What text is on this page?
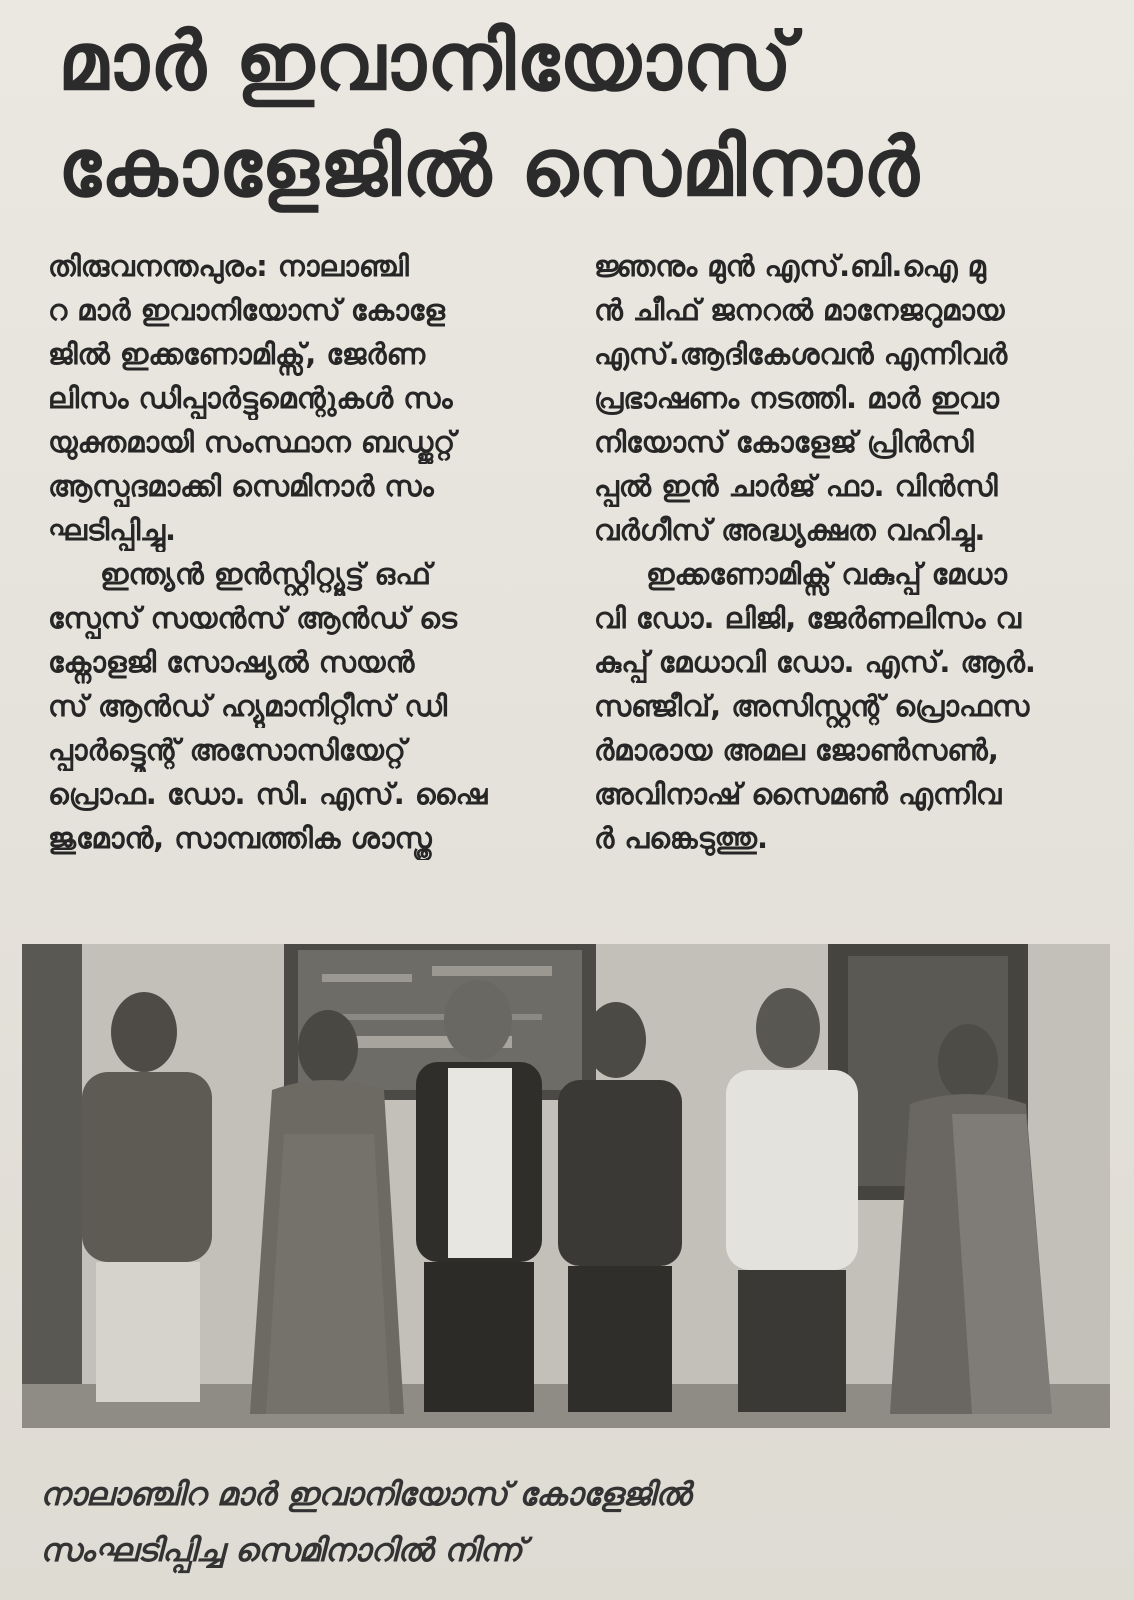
മാർ ഇവാനിയോസ്
കോളേജിൽ സെമിനാർ
തിരുവനന്തപുരം: നാലാഞ്ചി
റ മാർ ഇവാനിയോസ് കോളേ
ജിൽ ഇക്കണോമിക്സ്, ജേർണ
ലിസം ഡിപ്പാർട്ടുമെന്റുകൾ സം
യുക്തമായി സംസ്ഥാന ബഡ്ജറ്റ്
ആസ്പദമാക്കി സെമിനാർ സം
ഘടിപ്പിച്ചു.
ഇന്ത്യൻ ഇൻസ്റ്റിറ്റ്യൂട്ട് ഒഫ്
സ്പേസ് സയൻസ് ആൻഡ് ടെ
ക്നോളജി സോഷ്യൽ സയൻ
സ് ആൻഡ് ഹ്യുമാനിറ്റീസ് ഡി
പ്പാർട്ട്മെന്റ് അസോസിയേറ്റ്
പ്രൊഫ. ഡോ. സി. എസ്. ഷൈ
ജുമോൻ, സാമ്പത്തിക ശാസ്ത്ര
ജ്ഞനും മുൻ എസ്.ബി.ഐ മു
ൻ ചീഫ് ജനറൽ മാനേജറുമായ
എസ്.ആദികേശവൻ എന്നിവർ
പ്രഭാഷണം നടത്തി. മാർ ഇവാ
നിയോസ് കോളേജ് പ്രിൻസി
പ്പൽ ഇൻ ചാർജ് ഫാ. വിൻസി
വർഗീസ് അദ്ധ്യക്ഷത വഹിച്ചു.
ഇക്കണോമിക്സ് വകുപ്പ് മേധാ
വി ഡോ. ലിജി, ജേർണലിസം വ
കുപ്പ് മേധാവി ഡോ. എസ്. ആർ.
സഞ്ജീവ്, അസിസ്റ്റന്റ് പ്രൊഫസ
ർമാരായ അമല ജോൺസൺ,
അവിനാഷ് സൈമൺ എന്നിവ
ർ പങ്കെടുത്തു.
നാലാഞ്ചിറ മാർ ഇവാനിയോസ് കോളേജിൽ
സംഘടിപ്പിച്ച സെമിനാറിൽ നിന്ന്
